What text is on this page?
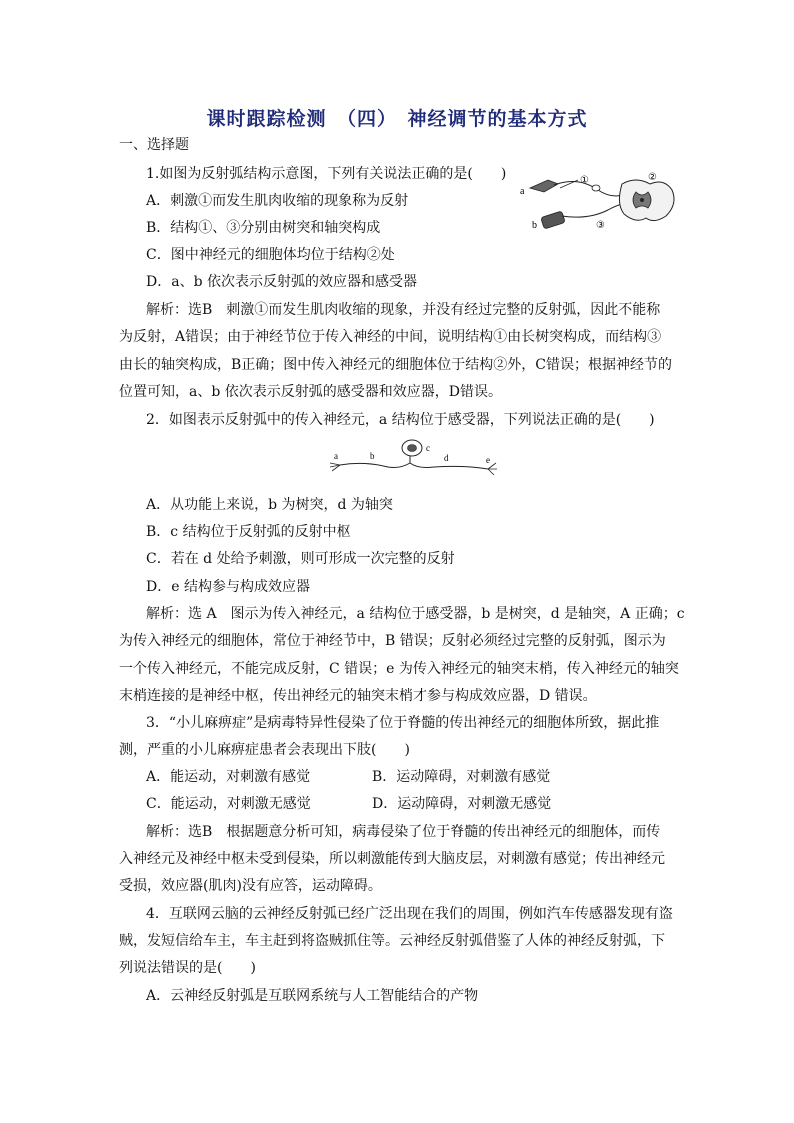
课时跟踪检测　（四）　神经调节的基本方式
一、选择题
1.如图为反射弧结构示意图，下列有关说法正确的是(　　)
A．刺激①而发生肌肉收缩的现象称为反射
B．结构①、③分别由树突和轴突构成
C．图中神经元的细胞体均位于结构②处
D．a、b 依次表示反射弧的效应器和感受器
a
b
①
③
②
解析：选B　刺激①而发生肌肉收缩的现象，并没有经过完整的反射弧，因此不能称
为反射，A错误；由于神经节位于传入神经的中间，说明结构①由长树突构成，而结构③
由长的轴突构成，B正确；图中传入神经元的细胞体位于结构②外，C错误；根据神经节的
位置可知，a、b 依次表示反射弧的感受器和效应器，D错误。
2．如图表示反射弧中的传入神经元，a 结构位于感受器，下列说法正确的是(　　)
a	b
c
d	e
A．从功能上来说，b 为树突，d 为轴突
B．c 结构位于反射弧的反射中枢
C．若在 d 处给予刺激，则可形成一次完整的反射
D．e 结构参与构成效应器
解析：选 A　图示为传入神经元，a 结构位于感受器，b 是树突，d 是轴突，A 正确；c
为传入神经元的细胞体，常位于神经节中，B 错误；反射必须经过完整的反射弧，图示为
一个传入神经元，不能完成反射，C 错误；e 为传入神经元的轴突末梢，传入神经元的轴突
末梢连接的是神经中枢，传出神经元的轴突末梢才参与构成效应器，D 错误。
3．“小儿麻痹症”是病毒特异性侵染了位于脊髓的传出神经元的细胞体所致，据此推
测，严重的小儿麻痹症患者会表现出下肢(　　)
A．能运动，对刺激有感觉	B．运动障碍，对刺激有感觉
C．能运动，对刺激无感觉	D．运动障碍，对刺激无感觉
解析：选B　根据题意分析可知，病毒侵染了位于脊髓的传出神经元的细胞体，而传
入神经元及神经中枢未受到侵染，所以刺激能传到大脑皮层，对刺激有感觉；传出神经元
受损，效应器(肌肉)没有应答，运动障碍。
4．互联网云脑的云神经反射弧已经广泛出现在我们的周围，例如汽车传感器发现有盗
贼，发短信给车主，车主赶到将盗贼抓住等。云神经反射弧借鉴了人体的神经反射弧，下
列说法错误的是(　　)
A．云神经反射弧是互联网系统与人工智能结合的产物
